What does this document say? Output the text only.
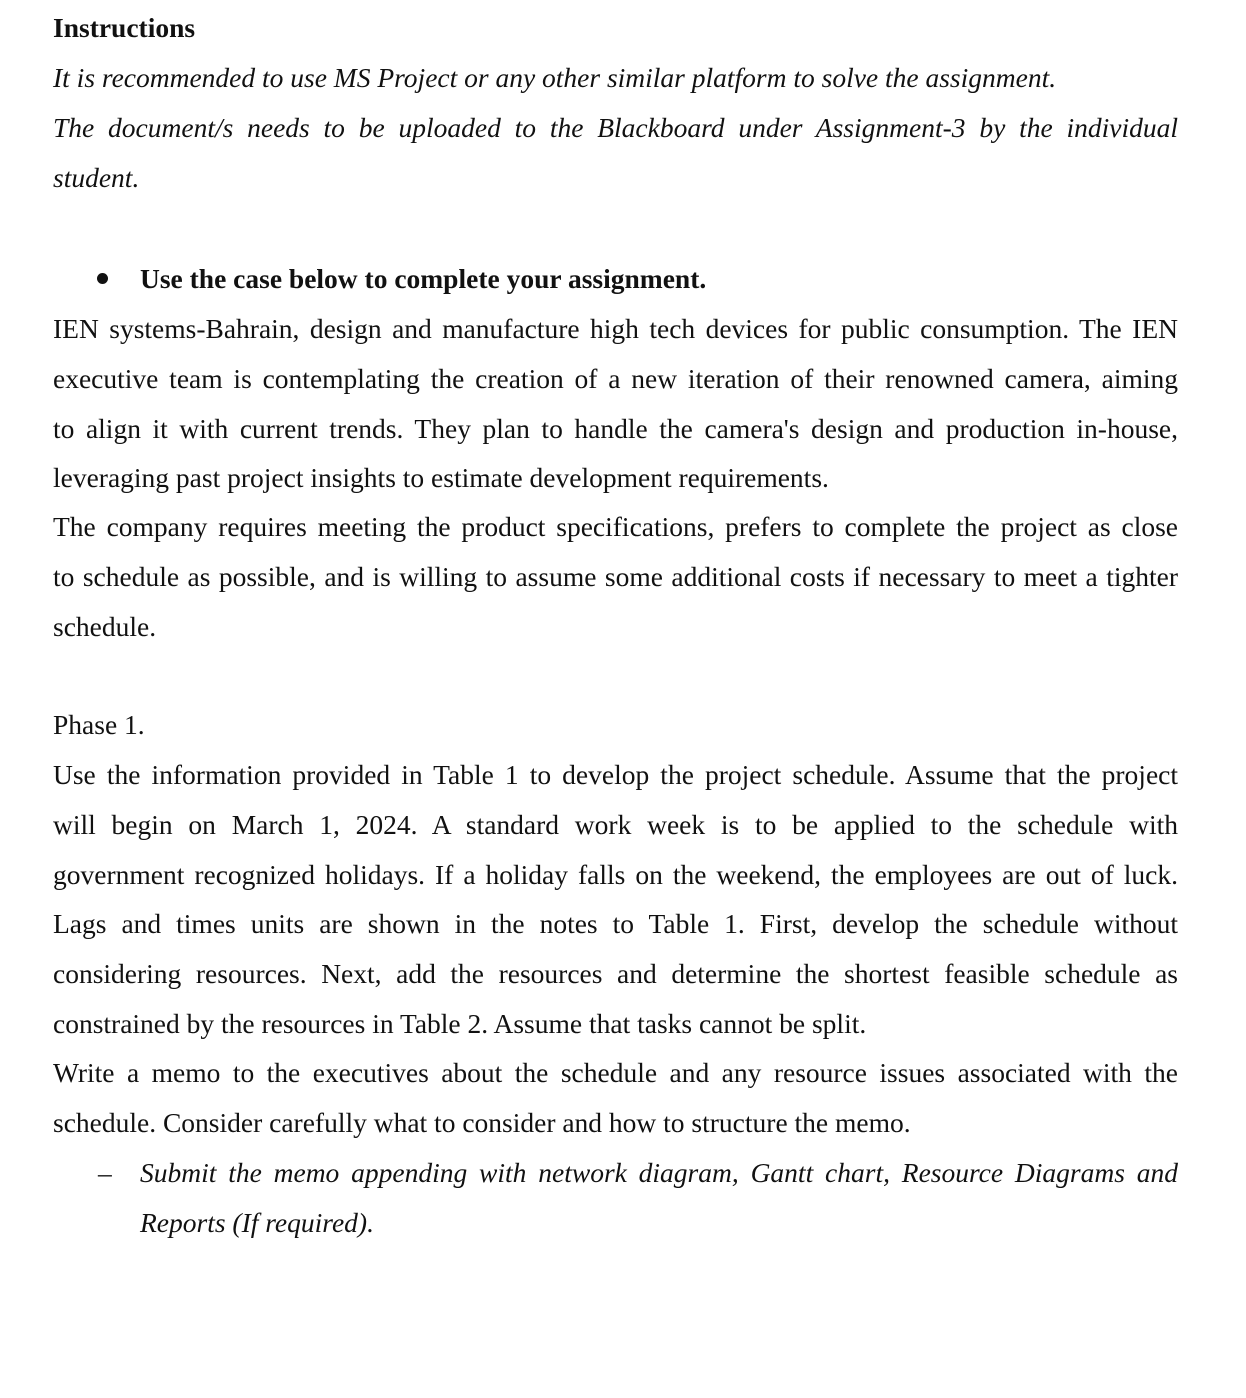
Instructions
It is recommended to use MS Project or any other similar platform to solve the assignment.
The document/s needs to be uploaded to the Blackboard under Assignment-3 by the individual
student.
Use the case below to complete your assignment.
IEN systems-Bahrain, design and manufacture high tech devices for public consumption. The IEN
executive team is contemplating the creation of a new iteration of their renowned camera, aiming
to align it with current trends. They plan to handle the camera's design and production in-house,
leveraging past project insights to estimate development requirements.
The company requires meeting the product specifications, prefers to complete the project as close
to schedule as possible, and is willing to assume some additional costs if necessary to meet a tighter
schedule.
Phase 1.
Use the information provided in Table 1 to develop the project schedule. Assume that the project
will begin on March 1, 2024. A standard work week is to be applied to the schedule with
government recognized holidays. If a holiday falls on the weekend, the employees are out of luck.
Lags and times units are shown in the notes to Table 1. First, develop the schedule without
considering resources. Next, add the resources and determine the shortest feasible schedule as
constrained by the resources in Table 2. Assume that tasks cannot be split.
Write a memo to the executives about the schedule and any resource issues associated with the
schedule. Consider carefully what to consider and how to structure the memo.
– Submit the memo appending with network diagram, Gantt chart, Resource Diagrams and
Reports (If required).
